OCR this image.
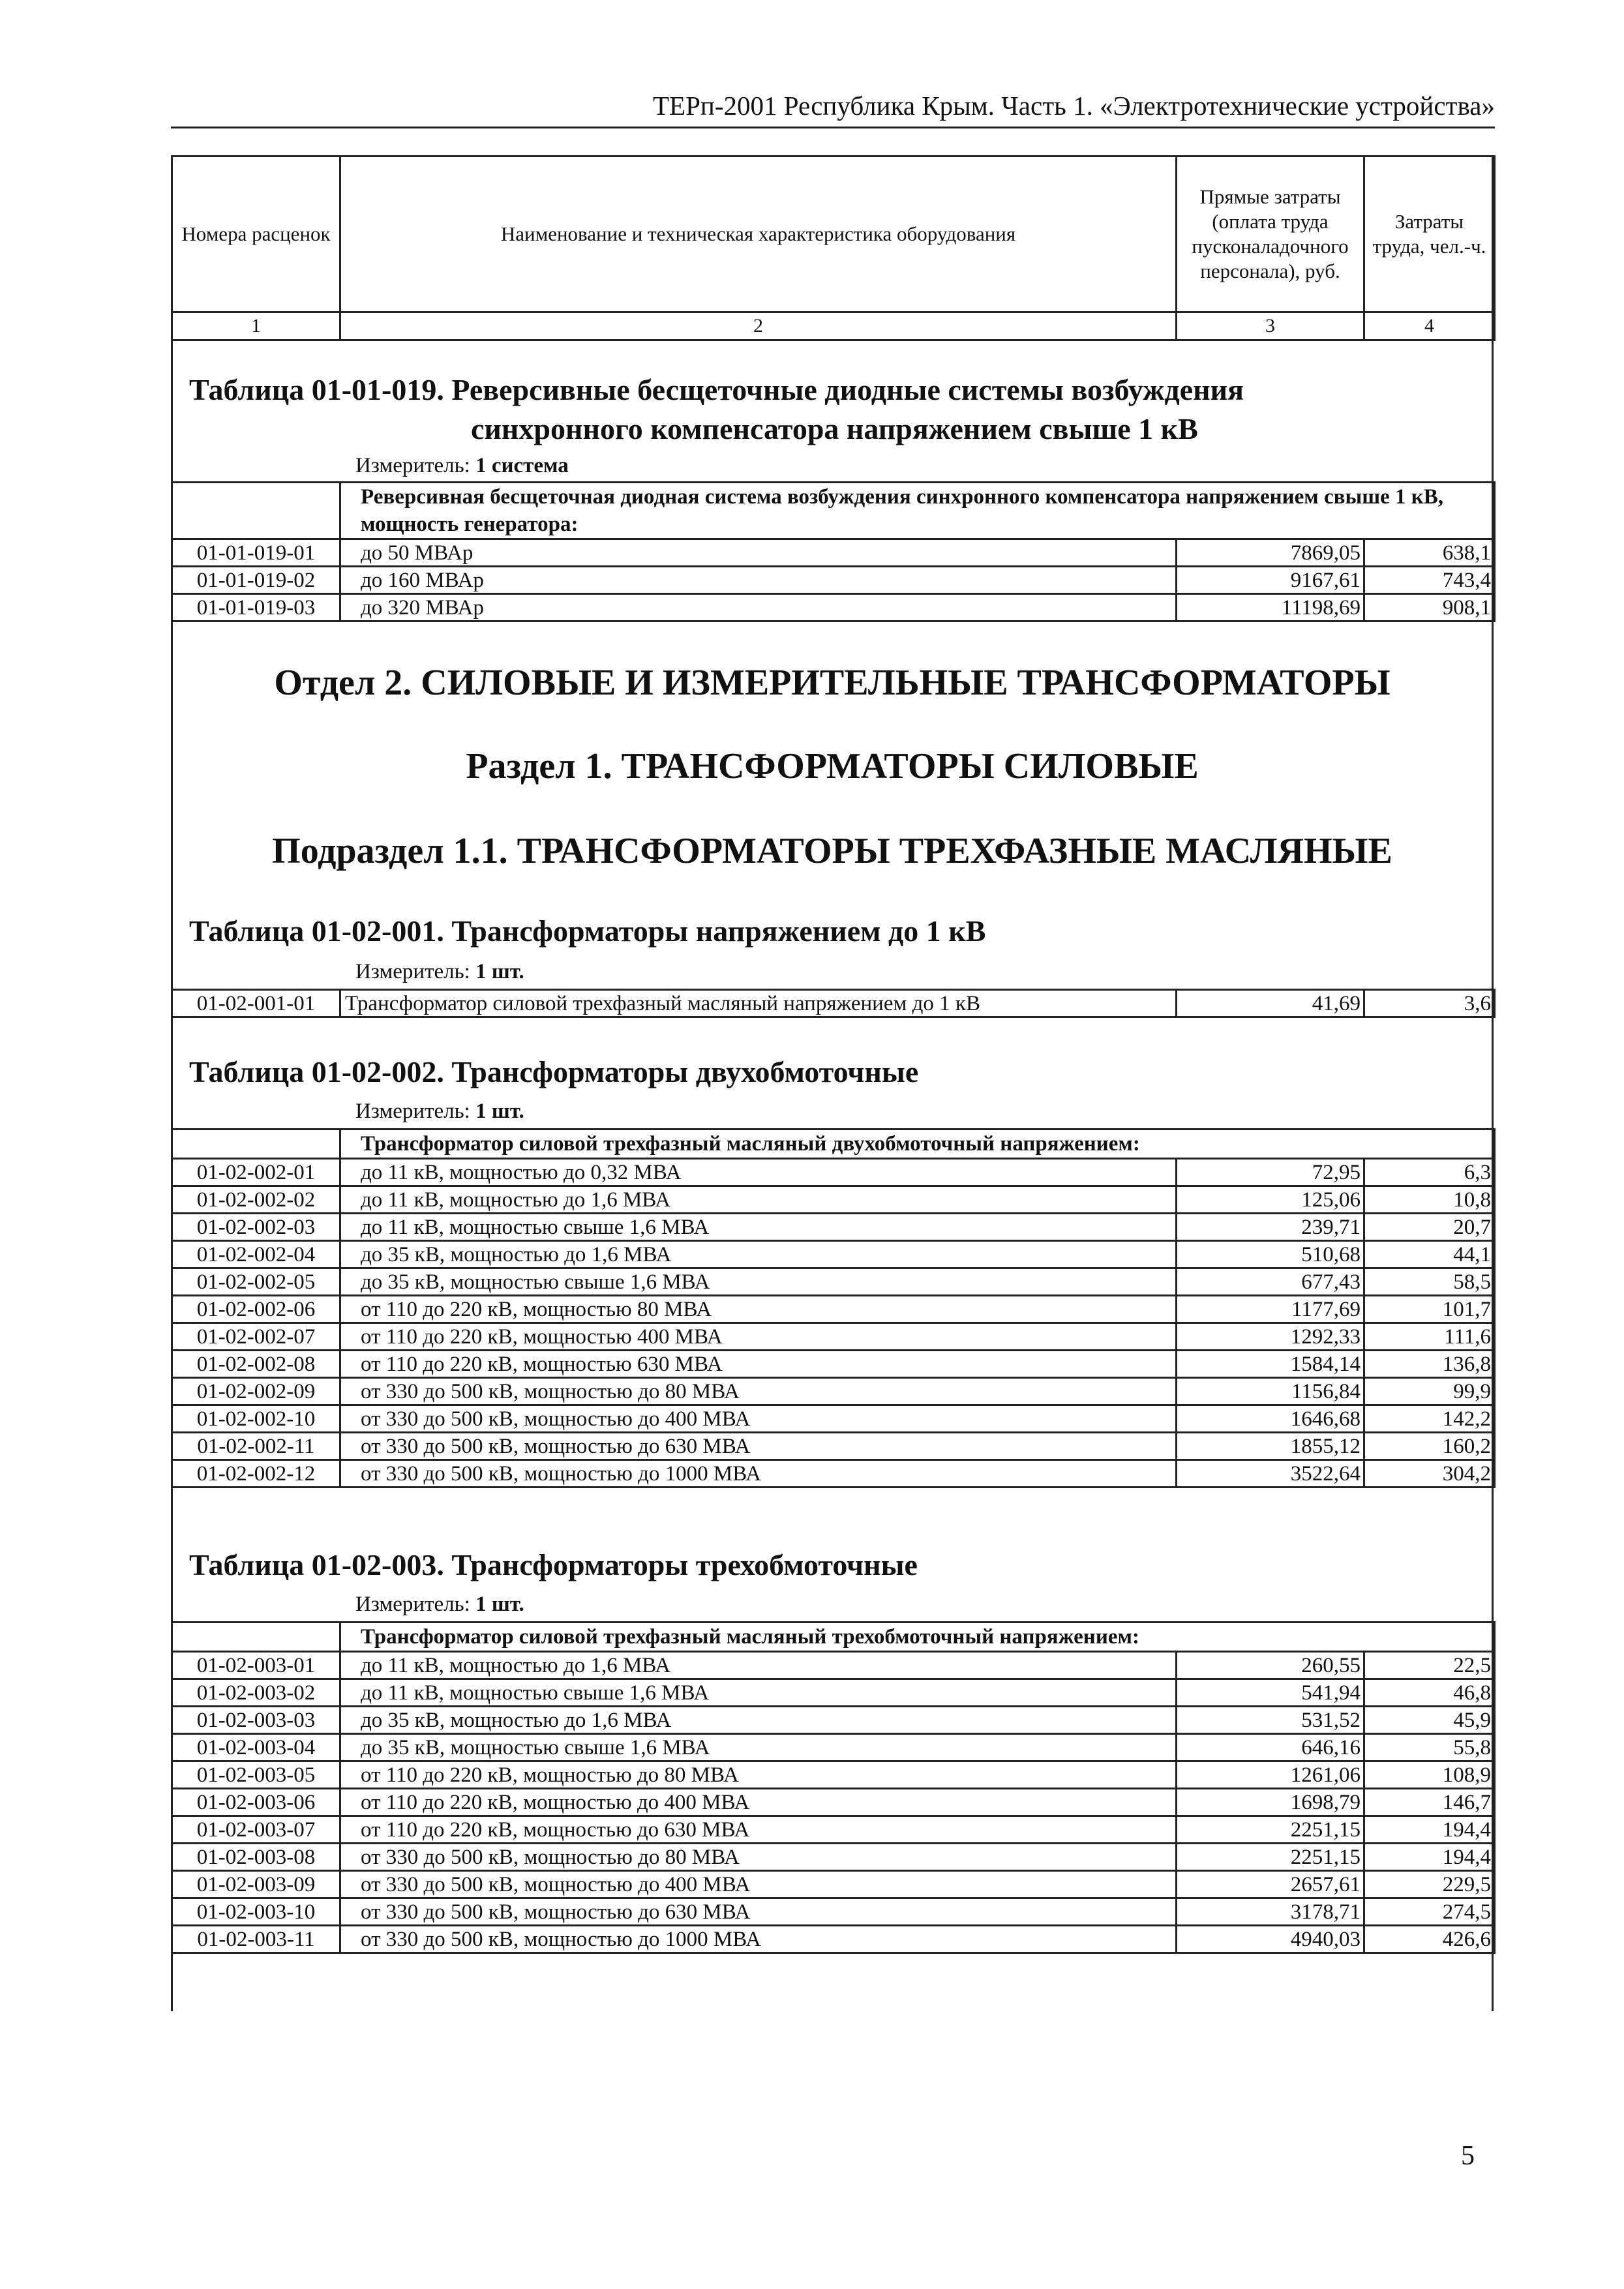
ТЕРп-2001 Республика Крым. Часть 1. «Электротехнические устройства»
Номера расценок	Наименование и техническая характеристика оборудования	Прямые затраты (оплата труда пусконаладочного персонала), руб.	Затраты труда, чел.-ч.
1	2	3	4
Таблица 01-01-019. Реверсивные бесщеточные диодные системы возбуждения
синхронного компенсатора напряжением свыше 1 кВ
Измеритель: 1 система
	Реверсивная бесщеточная диодная система возбуждения синхронного компенсатора напряжением свыше 1 кВ, мощность генератора:		
01-01-019-01	до 50 МВАр	7869,05	638,1
01-01-019-02	до 160 МВАр	9167,61	743,4
01-01-019-03	до 320 МВАр	11198,69	908,1
Отдел 2. СИЛОВЫЕ И ИЗМЕРИТЕЛЬНЫЕ ТРАНСФОРМАТОРЫ
Раздел 1. ТРАНСФОРМАТОРЫ СИЛОВЫЕ
Подраздел 1.1. ТРАНСФОРМАТОРЫ ТРЕХФАЗНЫЕ МАСЛЯНЫЕ
Таблица 01-02-001. Трансформаторы напряжением до 1 кВ
Измеритель: 1 шт.
01-02-001-01	Трансформатор силовой трехфазный масляный напряжением до 1 кВ	41,69	3,6
Таблица 01-02-002. Трансформаторы двухобмоточные
Измеритель: 1 шт.
	Трансформатор силовой трехфазный масляный двухобмоточный напряжением:		
01-02-002-01	до 11 кВ, мощностью до 0,32 МВА	72,95	6,3
01-02-002-02	до 11 кВ, мощностью до 1,6 МВА	125,06	10,8
01-02-002-03	до 11 кВ, мощностью свыше 1,6 МВА	239,71	20,7
01-02-002-04	до 35 кВ, мощностью до 1,6 МВА	510,68	44,1
01-02-002-05	до 35 кВ, мощностью свыше 1,6 МВА	677,43	58,5
01-02-002-06	от 110 до 220 кВ, мощностью 80 МВА	1177,69	101,7
01-02-002-07	от 110 до 220 кВ, мощностью 400 МВА	1292,33	111,6
01-02-002-08	от 110 до 220 кВ, мощностью 630 МВА	1584,14	136,8
01-02-002-09	от 330 до 500 кВ, мощностью до 80 МВА	1156,84	99,9
01-02-002-10	от 330 до 500 кВ, мощностью до 400 МВА	1646,68	142,2
01-02-002-11	от 330 до 500 кВ, мощностью до 630 МВА	1855,12	160,2
01-02-002-12	от 330 до 500 кВ, мощностью до 1000 МВА	3522,64	304,2
Таблица 01-02-003. Трансформаторы трехобмоточные
Измеритель: 1 шт.
	Трансформатор силовой трехфазный масляный трехобмоточный напряжением:		
01-02-003-01	до 11 кВ, мощностью до 1,6 МВА	260,55	22,5
01-02-003-02	до 11 кВ, мощностью свыше 1,6 МВА	541,94	46,8
01-02-003-03	до 35 кВ, мощностью до 1,6 МВА	531,52	45,9
01-02-003-04	до 35 кВ, мощностью свыше 1,6 МВА	646,16	55,8
01-02-003-05	от 110 до 220 кВ, мощностью до 80 МВА	1261,06	108,9
01-02-003-06	от 110 до 220 кВ, мощностью до 400 МВА	1698,79	146,7
01-02-003-07	от 110 до 220 кВ, мощностью до 630 МВА	2251,15	194,4
01-02-003-08	от 330 до 500 кВ, мощностью до 80 МВА	2251,15	194,4
01-02-003-09	от 330 до 500 кВ, мощностью до 400 МВА	2657,61	229,5
01-02-003-10	от 330 до 500 кВ, мощностью до 630 МВА	3178,71	274,5
01-02-003-11	от 330 до 500 кВ, мощностью до 1000 МВА	4940,03	426,6
5
